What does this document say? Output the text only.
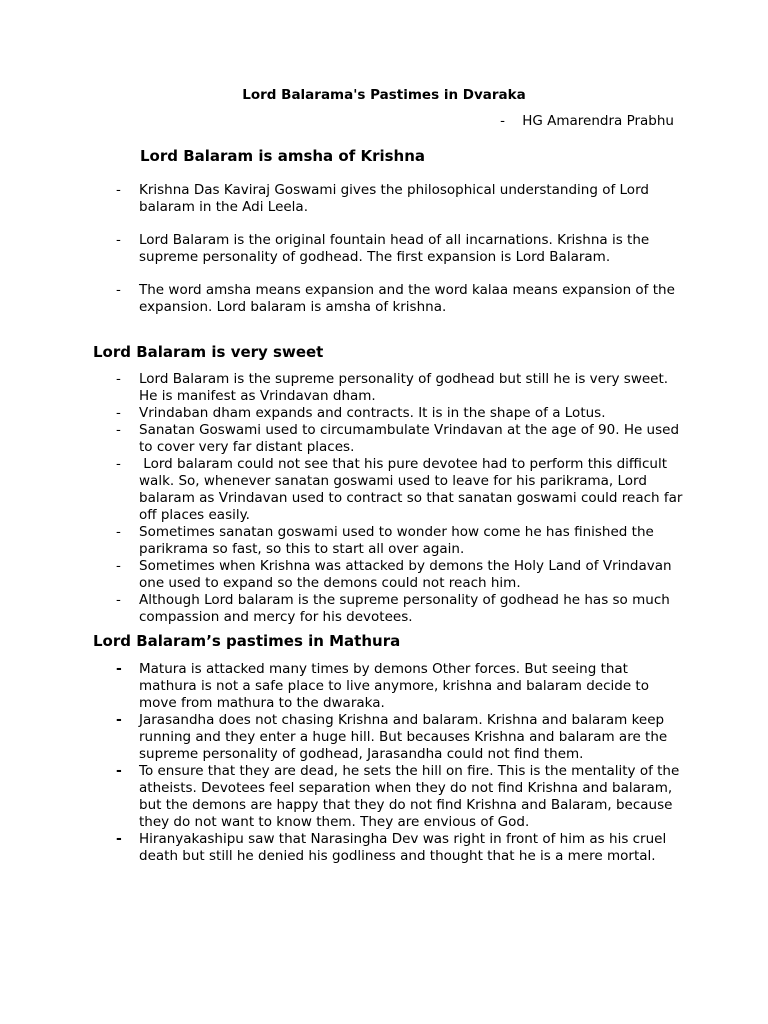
Lord Balarama's Pastimes in Dvaraka
- HG Amarendra Prabhu
Lord Balaram is amsha of Krishna
- Krishna Das Kaviraj Goswami gives the philosophical understanding of Lord balaram in the Adi Leela.
- Lord Balaram is the original fountain head of all incarnations. Krishna is the supreme personality of godhead. The first expansion is Lord Balaram.
- The word amsha means expansion and the word kalaa means expansion of the expansion. Lord balaram is amsha of krishna.
Lord Balaram is very sweet
- Lord Balaram is the supreme personality of godhead but still he is very sweet. He is manifest as Vrindavan dham.
- Vrindaban dham expands and contracts. It is in the shape of a Lotus.
- Sanatan Goswami used to circumambulate Vrindavan at the age of 90. He used to cover very far distant places.
- Lord balaram could not see that his pure devotee had to perform this difficult walk. So, whenever sanatan goswami used to leave for his parikrama, Lord balaram as Vrindavan used to contract so that sanatan goswami could reach far off places easily.
- Sometimes sanatan goswami used to wonder how come he has finished the parikrama so fast, so this to start all over again.
- Sometimes when Krishna was attacked by demons the Holy Land of Vrindavan one used to expand so the demons could not reach him.
- Although Lord balaram is the supreme personality of godhead he has so much compassion and mercy for his devotees.
Lord Balaram’s pastimes in Mathura
- Matura is attacked many times by demons Other forces. But seeing that mathura is not a safe place to live anymore, krishna and balaram decide to move from mathura to the dwaraka.
- Jarasandha does not chasing Krishna and balaram. Krishna and balaram keep running and they enter a huge hill. But becauses Krishna and balaram are the supreme personality of godhead, Jarasandha could not find them.
- To ensure that they are dead, he sets the hill on fire. This is the mentality of the atheists. Devotees feel separation when they do not find Krishna and balaram, but the demons are happy that they do not find Krishna and Balaram, because they do not want to know them. They are envious of God.
- Hiranyakashipu saw that Narasingha Dev was right in front of him as his cruel death but still he denied his godliness and thought that he is a mere mortal.
